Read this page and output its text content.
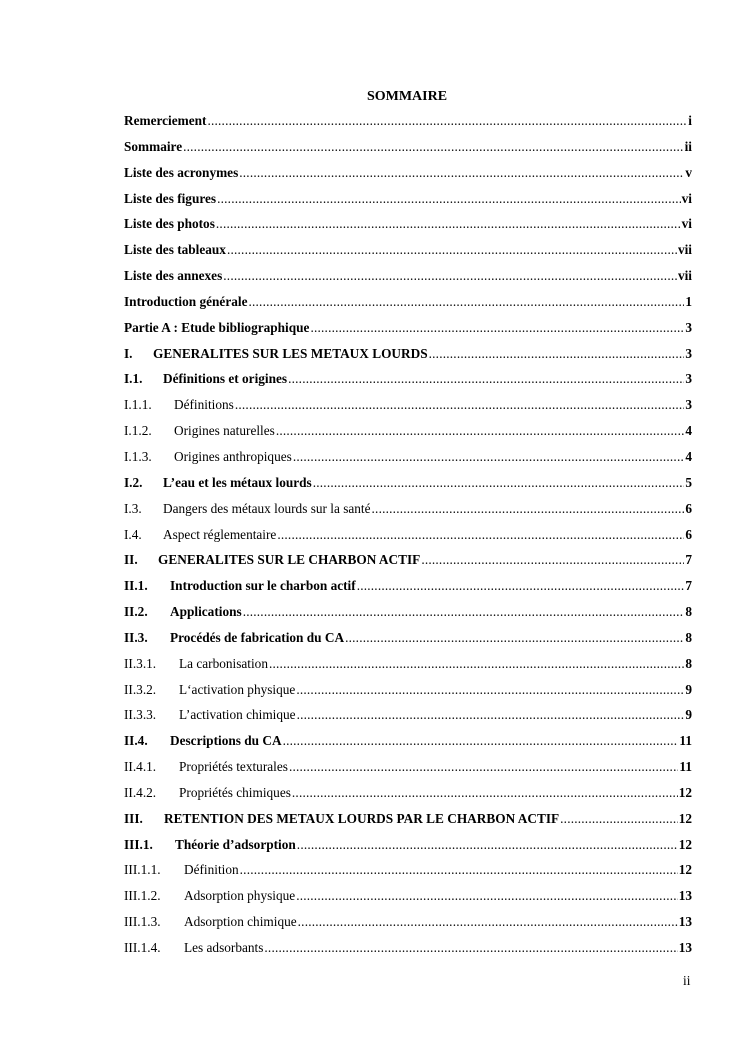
SOMMAIRE
Remerciement .....	i
Sommaire .....	ii
Liste des acronymes .....	v
Liste des figures .....	vi
Liste des photos .....	vi
Liste des tableaux .....	vii
Liste des annexes .....	vii
Introduction générale .....	1
Partie A : Etude bibliographique .....	3
I.	GENERALITES SUR LES METAUX LOURDS .....	3
I.1.	Définitions et origines .....	3
I.1.1.	Définitions .....	3
I.1.2.	Origines naturelles .....	4
I.1.3.	Origines anthropiques .....	4
I.2.	L’eau et les métaux lourds .....	5
I.3.	Dangers des métaux lourds sur la santé .....	6
I.4.	Aspect réglementaire .....	6
II.	GENERALITES SUR LE CHARBON ACTIF .....	7
II.1.	Introduction sur le charbon actif .....	7
II.2.	Applications .....	8
II.3.	Procédés de fabrication du CA .....	8
II.3.1.	La carbonisation .....	8
II.3.2.	L‘activation physique .....	9
II.3.3.	L’activation chimique .....	9
II.4.	Descriptions du CA .....	11
II.4.1.	Propriétés texturales .....	11
II.4.2.	Propriétés chimiques .....	12
III.	RETENTION DES METAUX LOURDS PAR LE CHARBON ACTIF .....	12
III.1.	Théorie d’adsorption .....	12
III.1.1.	Définition .....	12
III.1.2.	Adsorption physique .....	13
III.1.3.	Adsorption chimique .....	13
III.1.4.	Les adsorbants .....	13
ii
